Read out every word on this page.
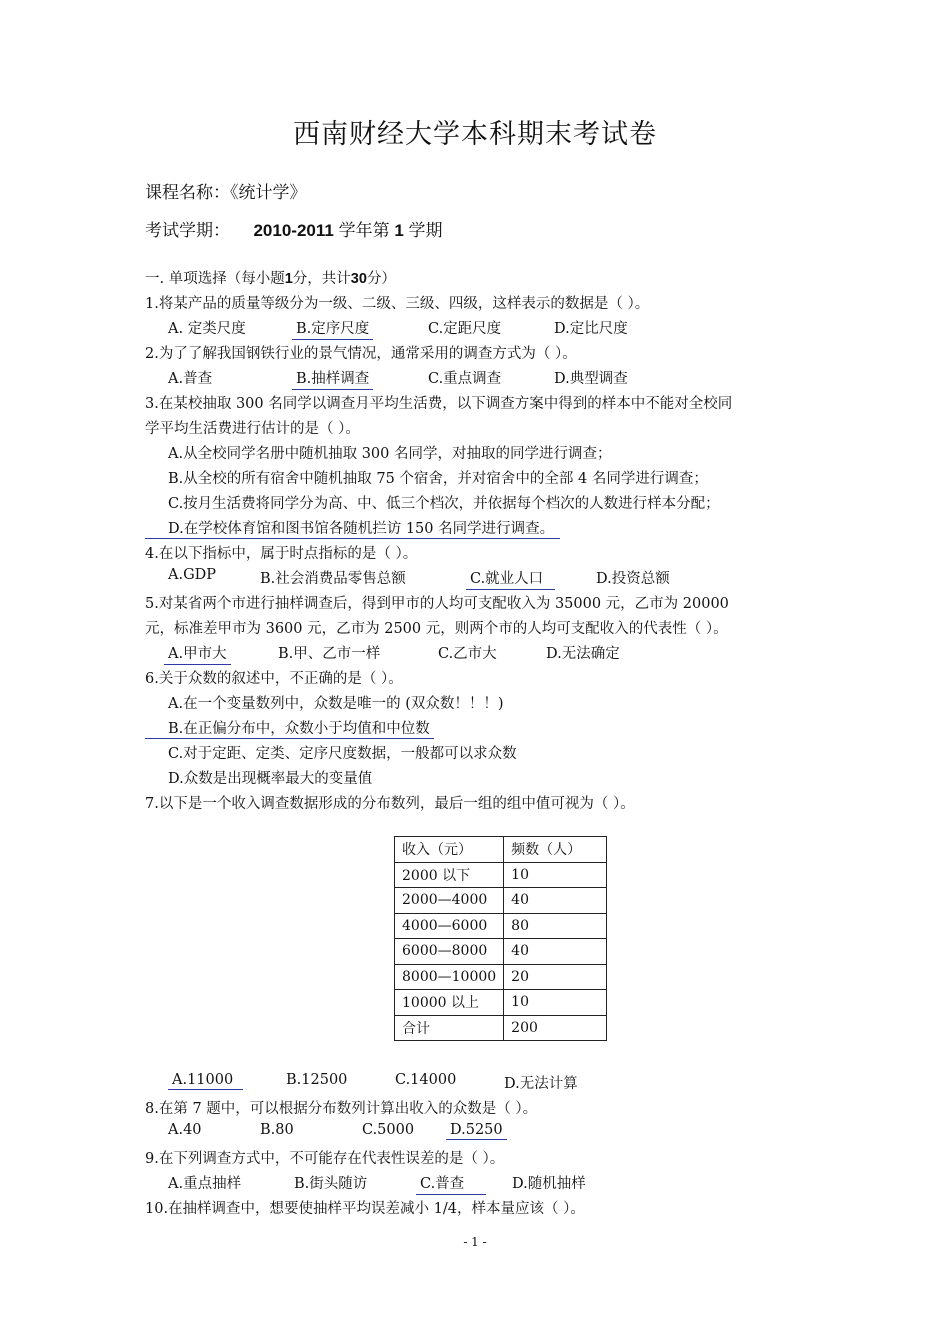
西南财经大学本科期末考试卷
课程名称：《统计学》
考试学期： 2010-2011 学年第 1 学期
一. 单项选择（每小题1分，共计30分）
1.将某产品的质量等级分为一级、二级、三级、四级，这样表示的数据是（ ）。
A. 定类尺度	B.定序尺度	C.定距尺度	D.定比尺度
2.为了了解我国钢铁行业的景气情况，通常采用的调查方式为（ ）。
A.普查	B.抽样调查	C.重点调查	D.典型调查
3.在某校抽取 300 名同学以调查月平均生活费，以下调查方案中得到的样本中不能对全校同
学平均生活费进行估计的是（ ）。
A.从全校同学名册中随机抽取 300 名同学，对抽取的同学进行调查；
B.从全校的所有宿舍中随机抽取 75 个宿舍，并对宿舍中的全部 4 名同学进行调查；
C.按月生活费将同学分为高、中、低三个档次，并依据每个档次的人数进行样本分配；
D.在学校体育馆和图书馆各随机拦访 150 名同学进行调查。
4.在以下指标中，属于时点指标的是（ ）。
A.GDP	B.社会消费品零售总额	C.就业人口	D.投资总额
5.对某省两个市进行抽样调查后，得到甲市的人均可支配收入为 35000 元，乙市为 20000
元，标准差甲市为 3600 元，乙市为 2500 元，则两个市的人均可支配收入的代表性（ ）。
A.甲市大	B.甲、乙市一样	C.乙市大	D.无法确定
6.关于众数的叙述中，不正确的是（ ）。
A.在一个变量数列中，众数是唯一的 (双众数！！！)
B.在正偏分布中，众数小于均值和中位数
C.对于定距、定类、定序尺度数据，一般都可以求众数
D.众数是出现概率最大的变量值
7.以下是一个收入调查数据形成的分布数列，最后一组的组中值可视为（ ）。
收入（元）	频数（人）
2000 以下	10
2000—4000	40
4000—6000	80
6000—8000	40
8000—10000	20
10000 以上	10
合计	200
A.11000	B.12500	C.14000	D.无法计算
8.在第 7 题中，可以根据分布数列计算出收入的众数是（ ）。
A.40	B.80	C.5000 D.5250
9.在下列调查方式中，不可能存在代表性误差的是（ ）。
A.重点抽样	B.街头随访	C.普查	D.随机抽样
10.在抽样调查中，想要使抽样平均误差减小 1/4，样本量应该（ ）。
- 1 -
